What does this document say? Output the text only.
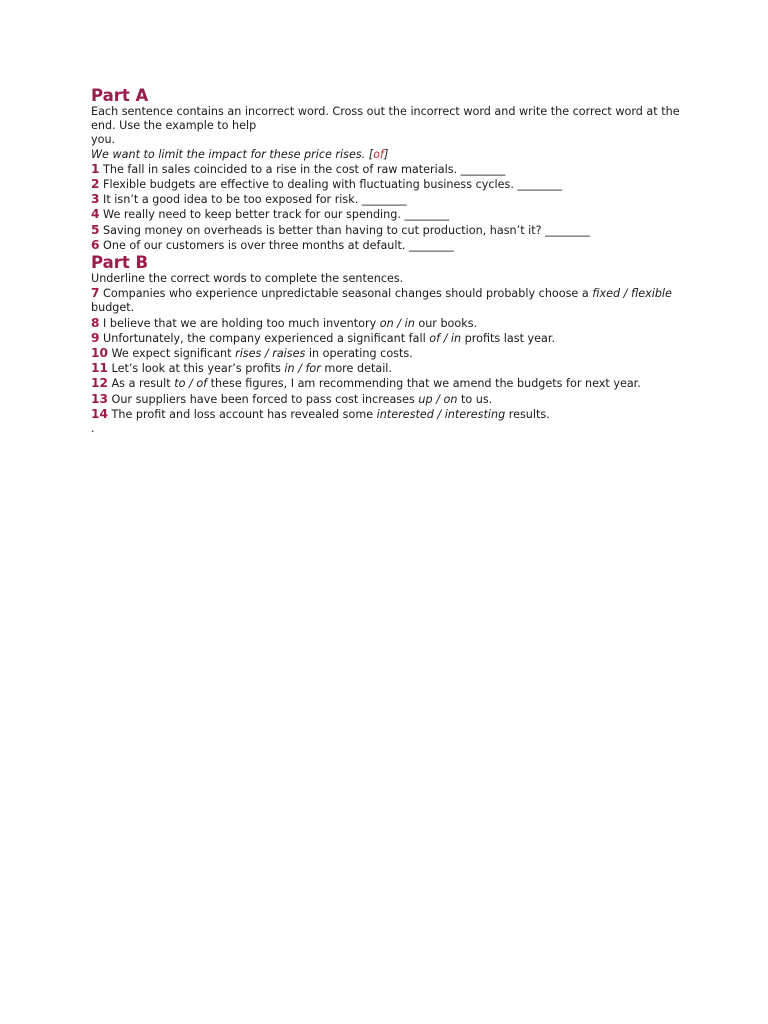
Part A

Each sentence contains an incorrect word. Cross out the incorrect word and write the correct word at the end. Use the example to help
you.

We want to limit the impact for these price rises. [of]

1 The fall in sales coincided to a rise in the cost of raw materials. ________

2 Flexible budgets are effective to dealing with fluctuating business cycles. ________

3 It isn’t a good idea to be too exposed for risk. ________

4 We really need to keep better track for our spending. ________

5 Saving money on overheads is better than having to cut production, hasn’t it? ________

6 One of our customers is over three months at default. ________

Part B

Underline the correct words to complete the sentences.

7 Companies who experience unpredictable seasonal changes should probably choose a fixed / flexible budget.

8 I believe that we are holding too much inventory on / in our books.

9 Unfortunately, the company experienced a significant fall of / in profits last year.

10 We expect significant rises / raises in operating costs.

11 Let’s look at this year’s profits in / for more detail.

12 As a result to / of these figures, I am recommending that we amend the budgets for next year.

13 Our suppliers have been forced to pass cost increases up / on to us.

14 The profit and loss account has revealed some interested / interesting results.

.
